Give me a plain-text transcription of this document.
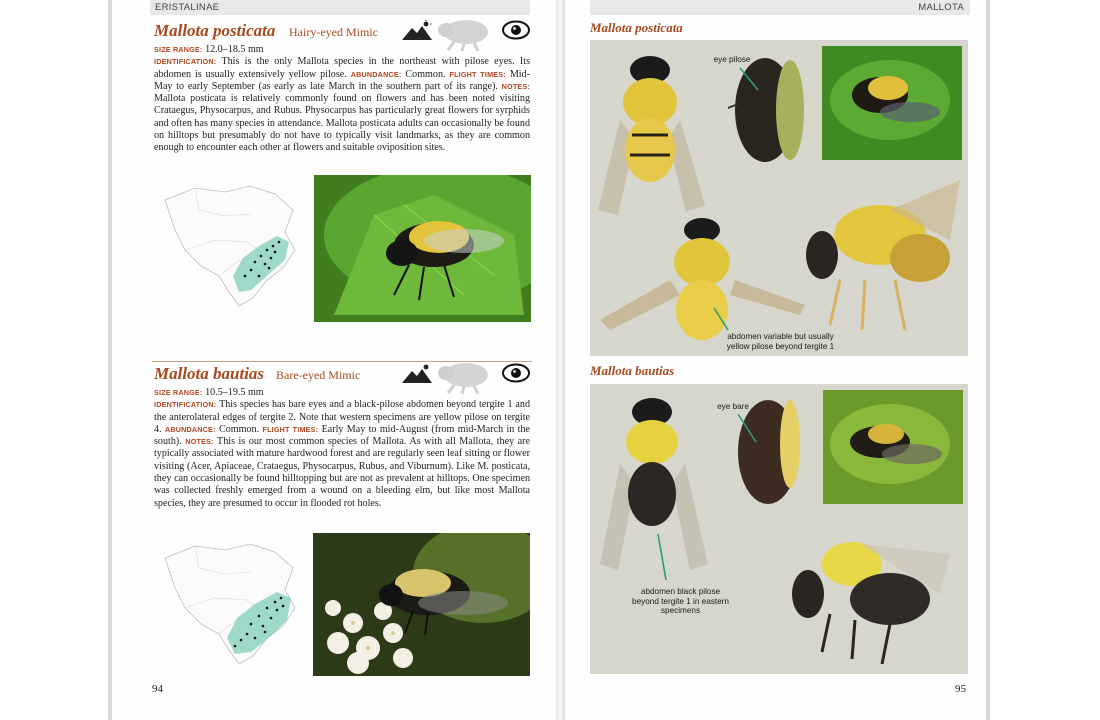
ERISTALINAE	MALLOTA
Mallota posticata Hairy-eyed Mimic

SIZE RANGE: 12.0–18.5 mm

IDENTIFICATION: This is the only Mallota species in the northeast with pilose eyes. Its abdomen is usually extensively yellow pilose. ABUNDANCE: Common. FLIGHT TIMES: Mid-May to early September (as early as late March in the southern part of its range). NOTES: Mallota posticata is relatively commonly found on flowers and has been noted visiting Crataegus, Physocarpus, and Rubus. Physocarpus has particularly great flowers for syrphids and often has many species in attendance. Mallota posticata adults can occasionally be found on hilltops but presumably do not have to typically visit landmarks, as they are common enough to encounter each other at flowers and suitable oviposition sites.

Mallota bautias Bare-eyed Mimic

SIZE RANGE: 10.5–19.5 mm

IDENTIFICATION: This species has bare eyes and a black-pilose abdomen beyond tergite 1 and the anterolateral edges of tergite 2. Note that western specimens are yellow pilose on tergite 4. ABUNDANCE: Common. FLIGHT TIMES: Early May to mid-August (from mid-March in the south). NOTES: This is our most common species of Mallota. As with all Mallota, they are typically associated with mature hardwood forest and are regularly seen leaf sitting or flower visiting (Acer, Apiaceae, Crataegus, Physocarpus, Rubus, and Viburnum). Like M. posticata, they can occasionally be found hilltopping but are not as prevalent at hilltops. One specimen was collected freshly emerged from a wound on a bleeding elm, but like most Mallota species, they are presumed to occur in flooded rot holes.

94
Mallota posticata
eye pilose
abdomen variable but usually yellow pilose beyond tergite 1
Mallota bautias
eye bare
abdomen black pilose beyond tergite 1 in eastern specimens
95
